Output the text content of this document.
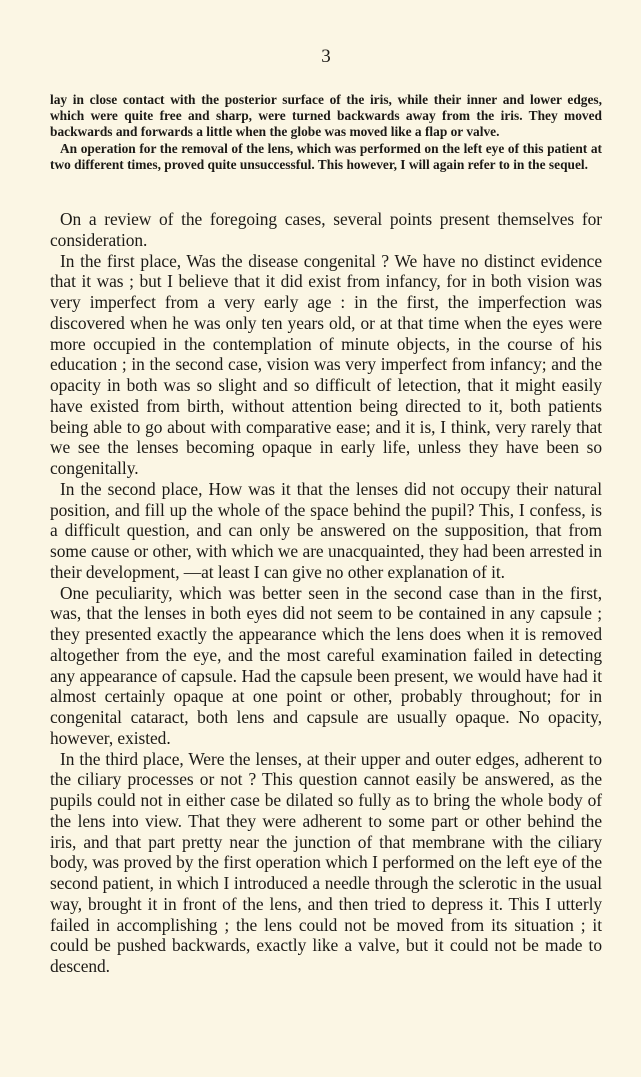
3

lay in close contact with the posterior surface of the iris, while their inner and lower edges, which were quite free and sharp, were turned backwards away from the iris. They moved backwards and forwards a little when the globe was moved like a flap or valve.

An operation for the removal of the lens, which was performed on the left eye of this patient at two different times, proved quite unsuccessful. This however, I will again refer to in the sequel.

On a review of the foregoing cases, several points present themselves for consideration.

In the first place, Was the disease congenital ? We have no distinct evidence that it was ; but I believe that it did exist from infancy, for in both vision was very imperfect from a very early age : in the first, the imperfection was discovered when he was only ten years old, or at that time when the eyes were more occupied in the contemplation of minute objects, in the course of his education ; in the second case, vision was very imperfect from infancy; and the opacity in both was so slight and so difficult of letection, that it might easily have existed from birth, without attention being directed to it, both patients being able to go about with comparative ease; and it is, I think, very rarely that we see the lenses becoming opaque in early life, unless they have been so congenitally.

In the second place, How was it that the lenses did not occupy their natural position, and fill up the whole of the space behind the pupil? This, I confess, is a difficult question, and can only be answered on the supposition, that from some cause or other, with which we are unacquainted, they had been arrested in their development, —at least I can give no other explanation of it.

One peculiarity, which was better seen in the second case than in the first, was, that the lenses in both eyes did not seem to be contained in any capsule ; they presented exactly the appearance which the lens does when it is removed altogether from the eye, and the most careful examination failed in detecting any appearance of capsule. Had the capsule been present, we would have had it almost certainly opaque at one point or other, probably throughout; for in congenital cataract, both lens and capsule are usually opaque. No opacity, however, existed.

In the third place, Were the lenses, at their upper and outer edges, adherent to the ciliary processes or not ? This question cannot easily be answered, as the pupils could not in either case be dilated so fully as to bring the whole body of the lens into view. That they were adherent to some part or other behind the iris, and that part pretty near the junction of that membrane with the ciliary body, was proved by the first operation which I performed on the left eye of the second patient, in which I introduced a needle through the sclerotic in the usual way, brought it in front of the lens, and then tried to depress it. This I utterly failed in accomplishing ; the lens could not be moved from its situation ; it could be pushed backwards, exactly like a valve, but it could not be made to descend.
